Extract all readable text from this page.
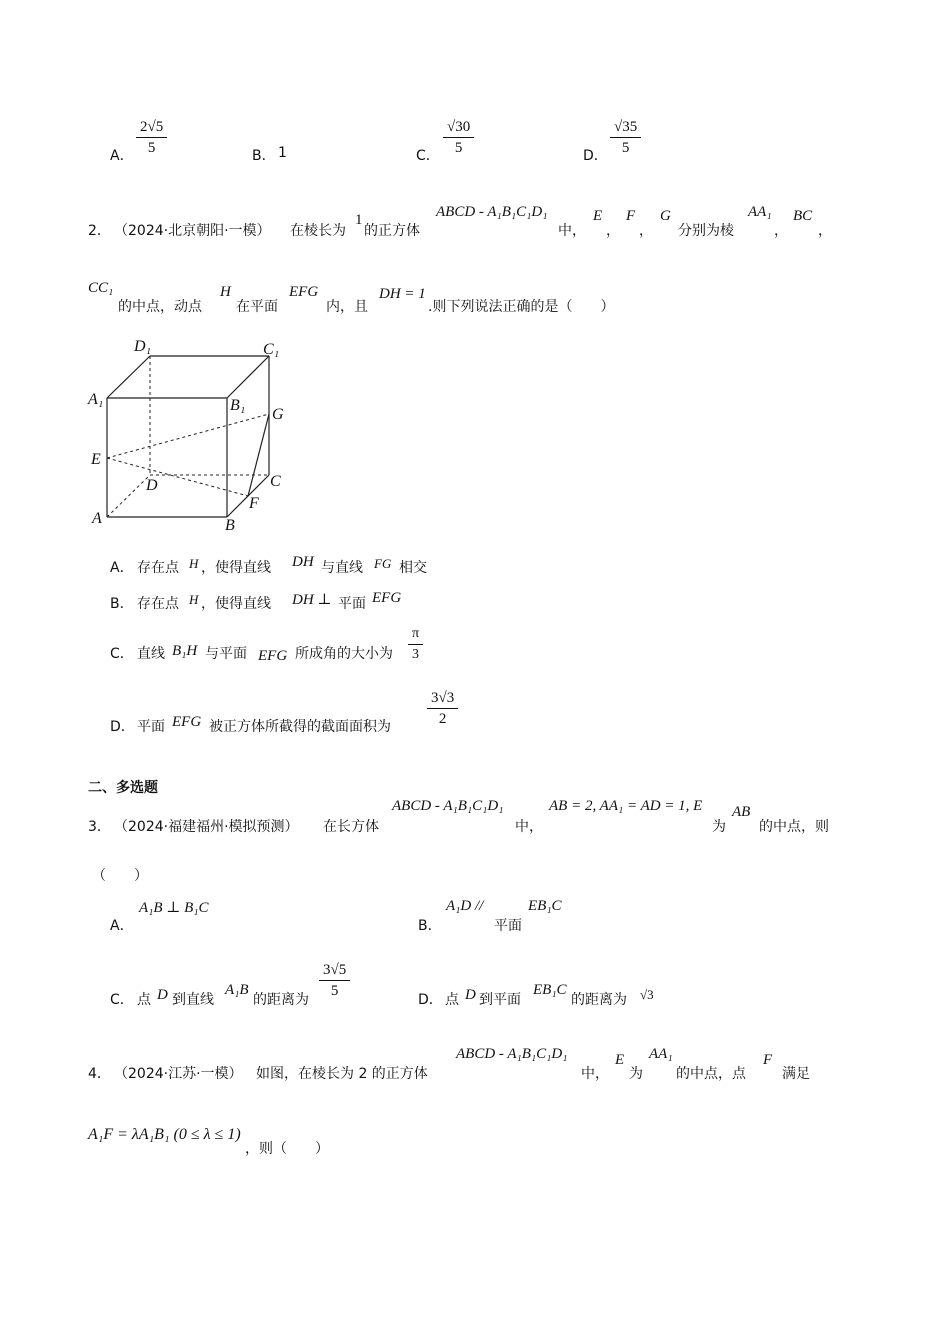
A． $\frac{2√5}{5}$	B． 1	C． $\frac{√30}{5}$	D． $\frac{√35}{5}$
2． （2024·北京朝阳·一模） 在棱长为
1
的正方体
ABCD - A₁B₁C₁D₁
中，
E
，
F
，
G
分别为棱
AA₁
，
BC
，
CC₁
的中点，动点
H
在平面
EFG
内，且
DH = 1
.则下列说法正确的是（　　）
D₁	C₁
A₁	B₁
G
E
D	C
F
A	B
A． 存在点 H ，使得直线 DH 与直线 FG 相交
B． 存在点 H ，使得直线 DH ⊥ 平面 EFG
C． 直线 B₁H 与平面 EFG 所成角的大小为 $\frac{\pi}{3}$
D． 平面 EFG 被正方体所截得的截面面积为 $\frac{3√3}{2}$
二、多选题
3． （2024·福建福州·模拟预测） 在长方体
ABCD - A₁B₁C₁D₁
中，
AB = 2, AA₁ = AD = 1, E
为
AB
的中点，则
（　　）
A．
A₁B ⊥ B₁C
B．
A₁D //
平面
EB₁C
C． 点 D 到直线
A₁B
的距离为 $\frac{3√5}{5}$	D． 点 D 到平面
EB₁C
的距离为 √3
4． （2024·江苏·一模） 如图，在棱长为 2 的正方体
ABCD - A₁B₁C₁D₁
中，
E
为
AA₁
的中点，点
F
满足
A₁F = λA₁B₁ (0 ≤ λ ≤ 1)
，则（　　）
